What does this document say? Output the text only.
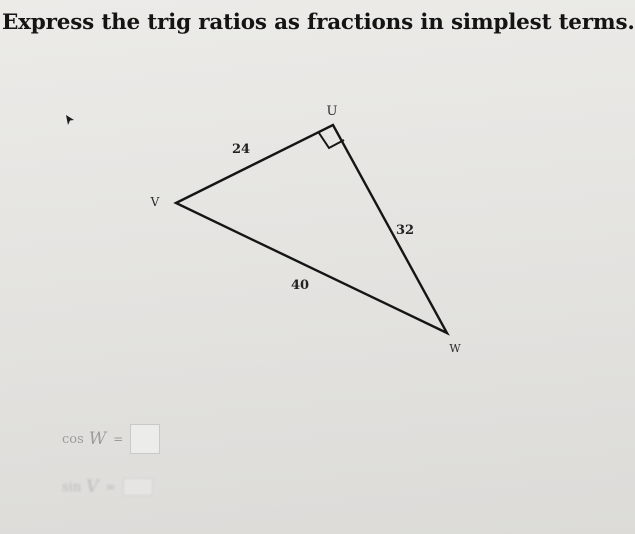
Express the trig ratios as fractions in simplest terms.
U
V
W
24
32
40
cos W =
sin V =
